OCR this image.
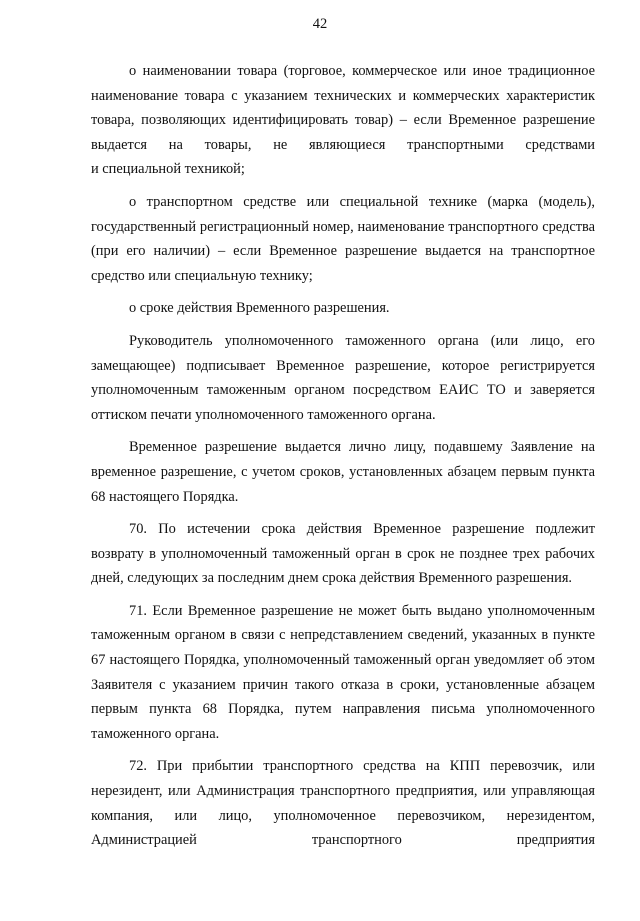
42

о наименовании товара (торговое, коммерческое или иное традиционное наименование товара с указанием технических и коммерческих характеристик товара, позволяющих идентифицировать товар) – если Временное разрешение выдается на товары, не являющиеся транспортными средствами

и специальной техникой;

о транспортном средстве или специальной технике (марка (модель), государственный регистрационный номер, наименование транспортного средства (при его наличии) – если Временное разрешение выдается на транспортное средство или специальную технику;

о сроке действия Временного разрешения.

Руководитель уполномоченного таможенного органа (или лицо, его замещающее) подписывает Временное разрешение, которое регистрируется уполномоченным таможенным органом посредством ЕАИС ТО и заверяется оттиском печати уполномоченного таможенного органа.

Временное разрешение выдается лично лицу, подавшему Заявление на временное разрешение, с учетом сроков, установленных абзацем первым пункта 68 настоящего Порядка.

70. По истечении срока действия Временное разрешение подлежит возврату в уполномоченный таможенный орган в срок не позднее трех рабочих дней, следующих за последним днем срока действия Временного разрешения.

71. Если Временное разрешение не может быть выдано уполномоченным таможенным органом в связи с непредставлением сведений, указанных в пункте 67 настоящего Порядка, уполномоченный таможенный орган уведомляет об этом Заявителя с указанием причин такого отказа в сроки, установленные абзацем первым пункта 68 Порядка, путем направления письма уполномоченного таможенного органа.

72. При прибытии транспортного средства на КПП перевозчик, или нерезидент, или Администрация транспортного предприятия, или управляющая компания, или лицо, уполномоченное перевозчиком, нерезидентом, Администрацией транспортного предприятия
